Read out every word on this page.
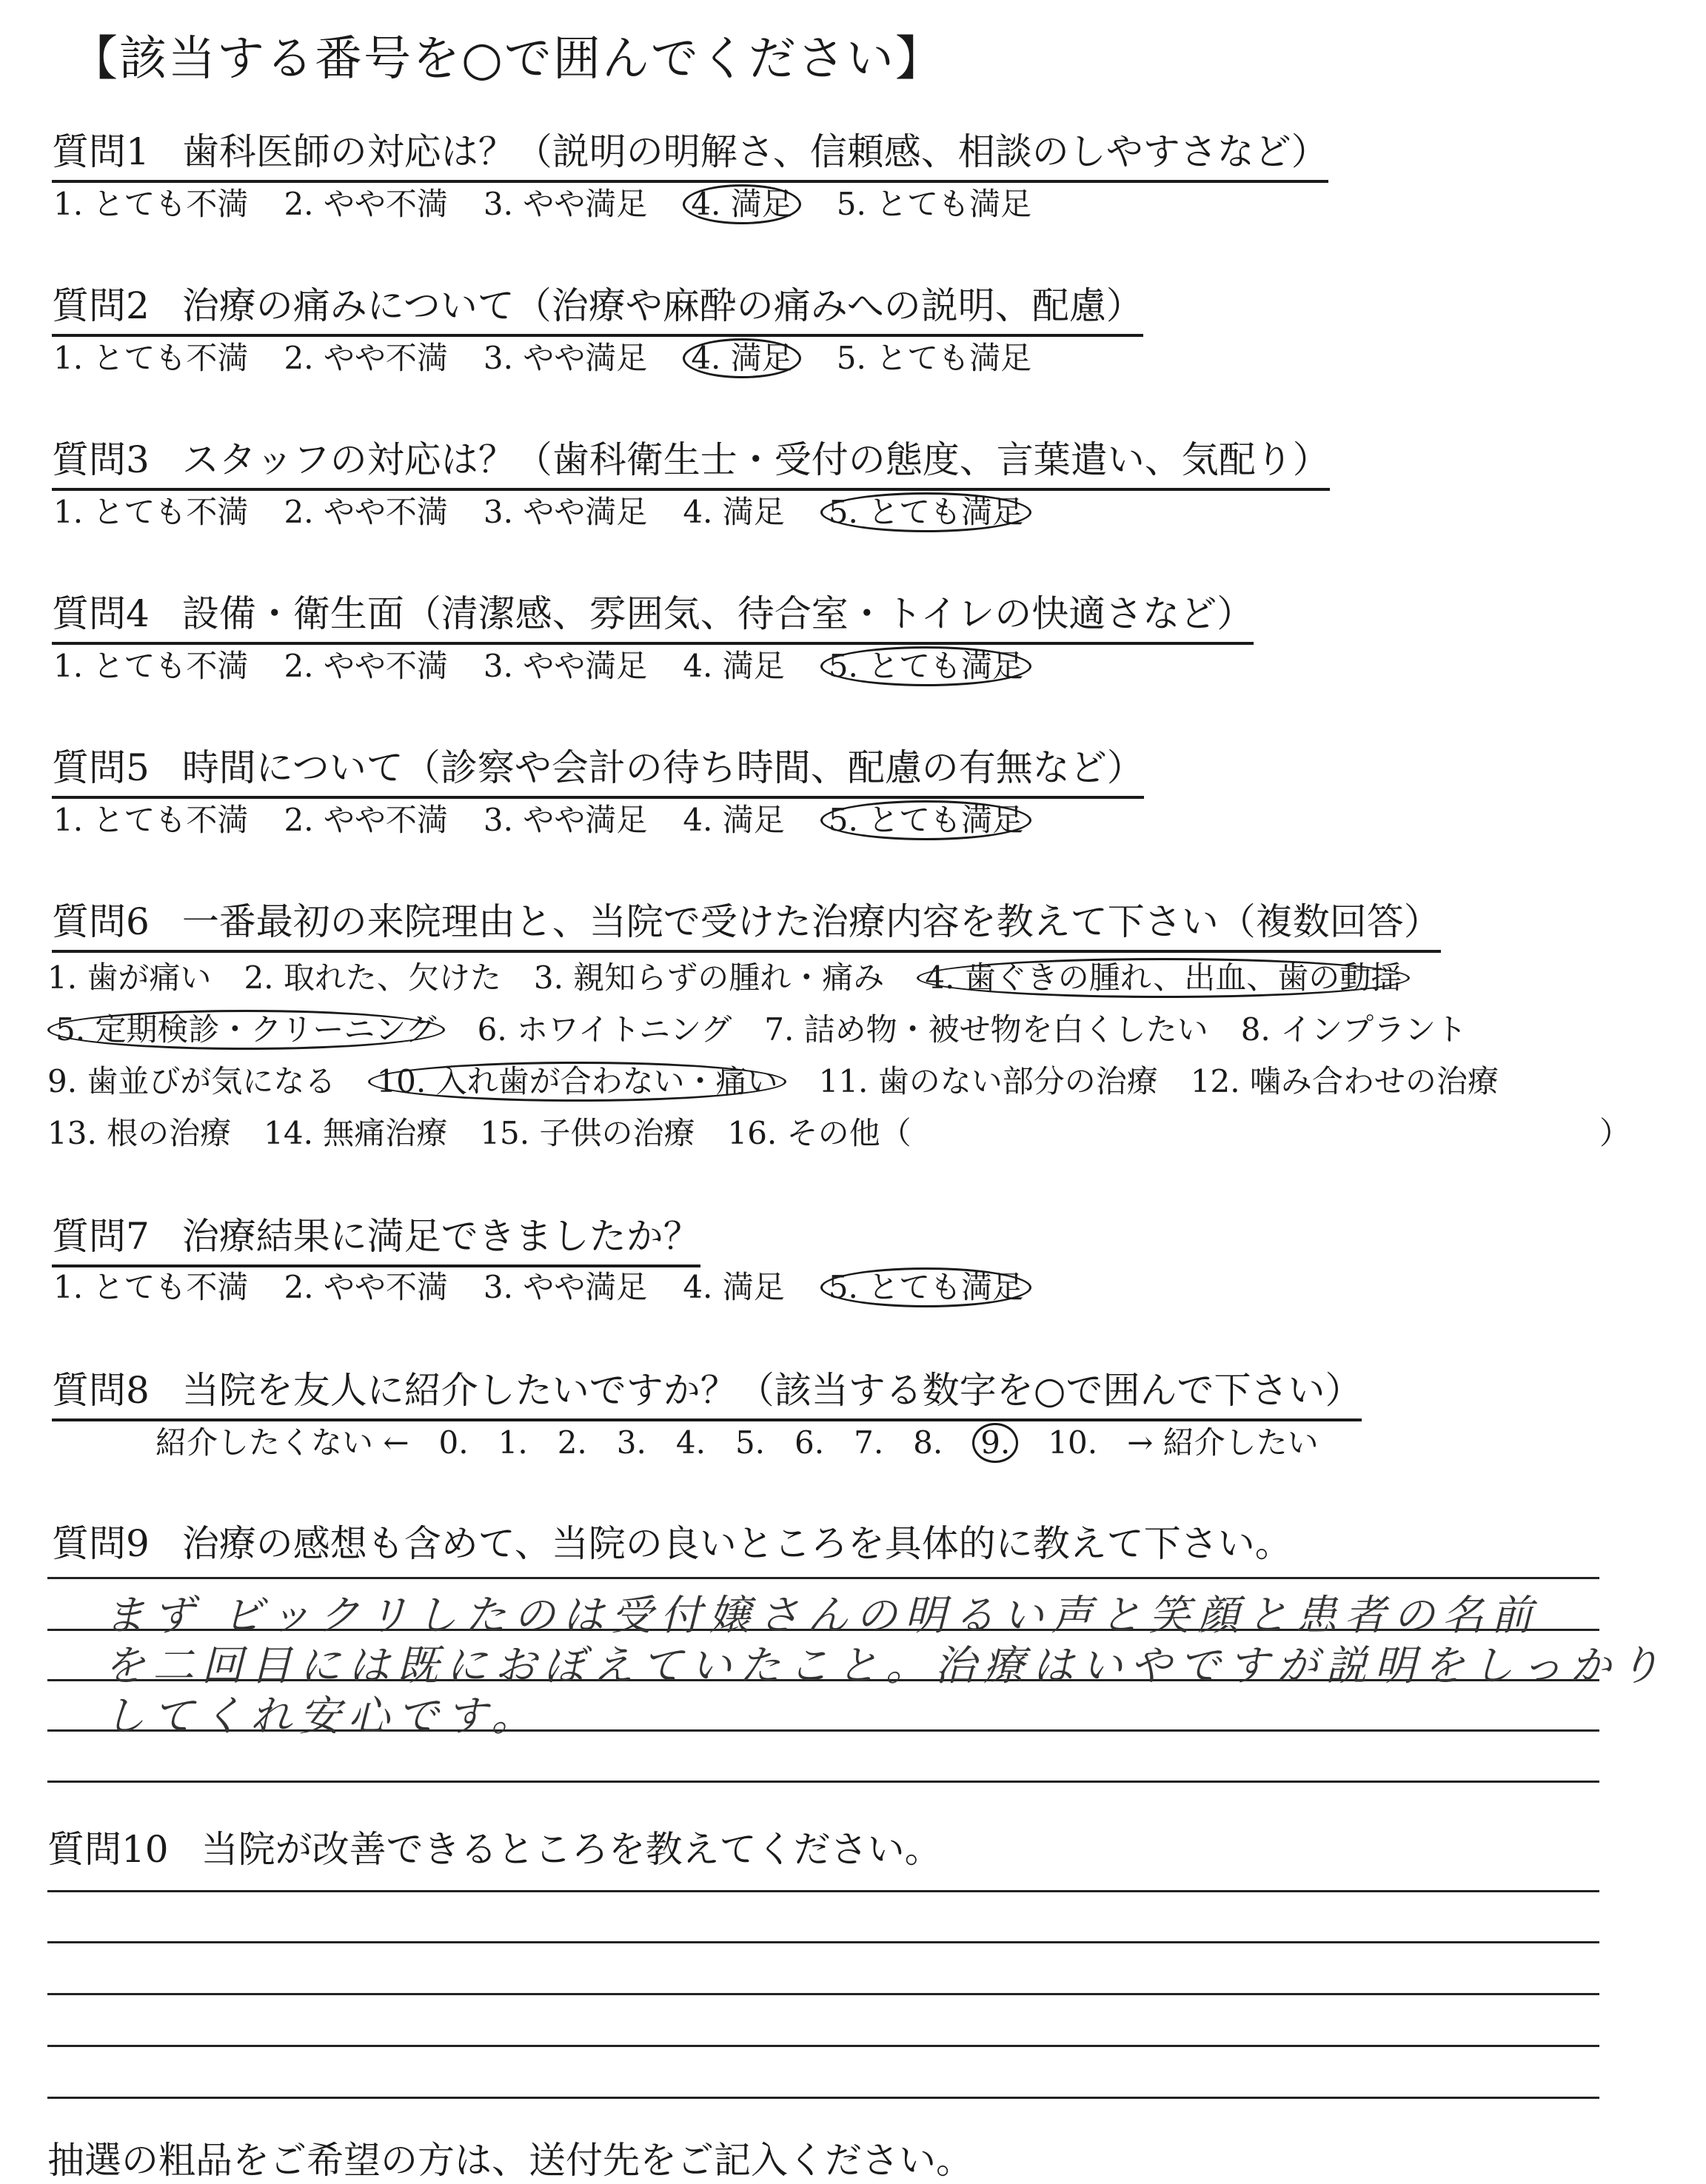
【該当する番号を○で囲んでください】
質問1 歯科医師の対応は？（説明の明解さ、信頼感、相談のしやすさなど）
1. とても不満 2. やや不満 3. やや満足 4. 満足 5. とても満足
質問2 治療の痛みについて（治療や麻酔の痛みへの説明、配慮）
1. とても不満 2. やや不満 3. やや満足 4. 満足 5. とても満足
質問3 スタッフの対応は？（歯科衛生士・受付の態度、言葉遣い、気配り）
1. とても不満 2. やや不満 3. やや満足 4. 満足 5. とても満足
質問4 設備・衛生面（清潔感、雰囲気、待合室・トイレの快適さなど）
1. とても不満 2. やや不満 3. やや満足 4. 満足 5. とても満足
質問5 時間について（診察や会計の待ち時間、配慮の有無など）
1. とても不満 2. やや不満 3. やや満足 4. 満足 5. とても満足
質問6 一番最初の来院理由と、当院で受けた治療内容を教えて下さい（複数回答）
1. 歯が痛い 2. 取れた、欠けた 3. 親知らずの腫れ・痛み 4. 歯ぐきの腫れ、出血、歯の動揺
5. 定期検診・クリーニング 6. ホワイトニング 7. 詰め物・被せ物を白くしたい 8. インプラント
9. 歯並びが気になる 10. 入れ歯が合わない・痛い 11. 歯のない部分の治療 12. 噛み合わせの治療
13. 根の治療 14. 無痛治療 15. 子供の治療 16. その他（	）
質問7 治療結果に満足できましたか？
1. とても不満 2. やや不満 3. やや満足 4. 満足 5. とても満足
質問8 当院を友人に紹介したいですか？（該当する数字を○で囲んで下さい）
紹介したくない ← 0. 1. 2. 3. 4. 5. 6. 7. 8. 9. 10. → 紹介したい
質問9 治療の感想も含めて、当院の良いところを具体的に教えて下さい。
まず ビックリしたのは受付嬢さんの明るい声と笑顔と患者の名前
を二回目には既におぼえていたこと。治療はいやですが説明をしっかり
してくれ安心です。
質問10 当院が改善できるところを教えてください。
抽選の粗品をご希望の方は、送付先をご記入ください。
